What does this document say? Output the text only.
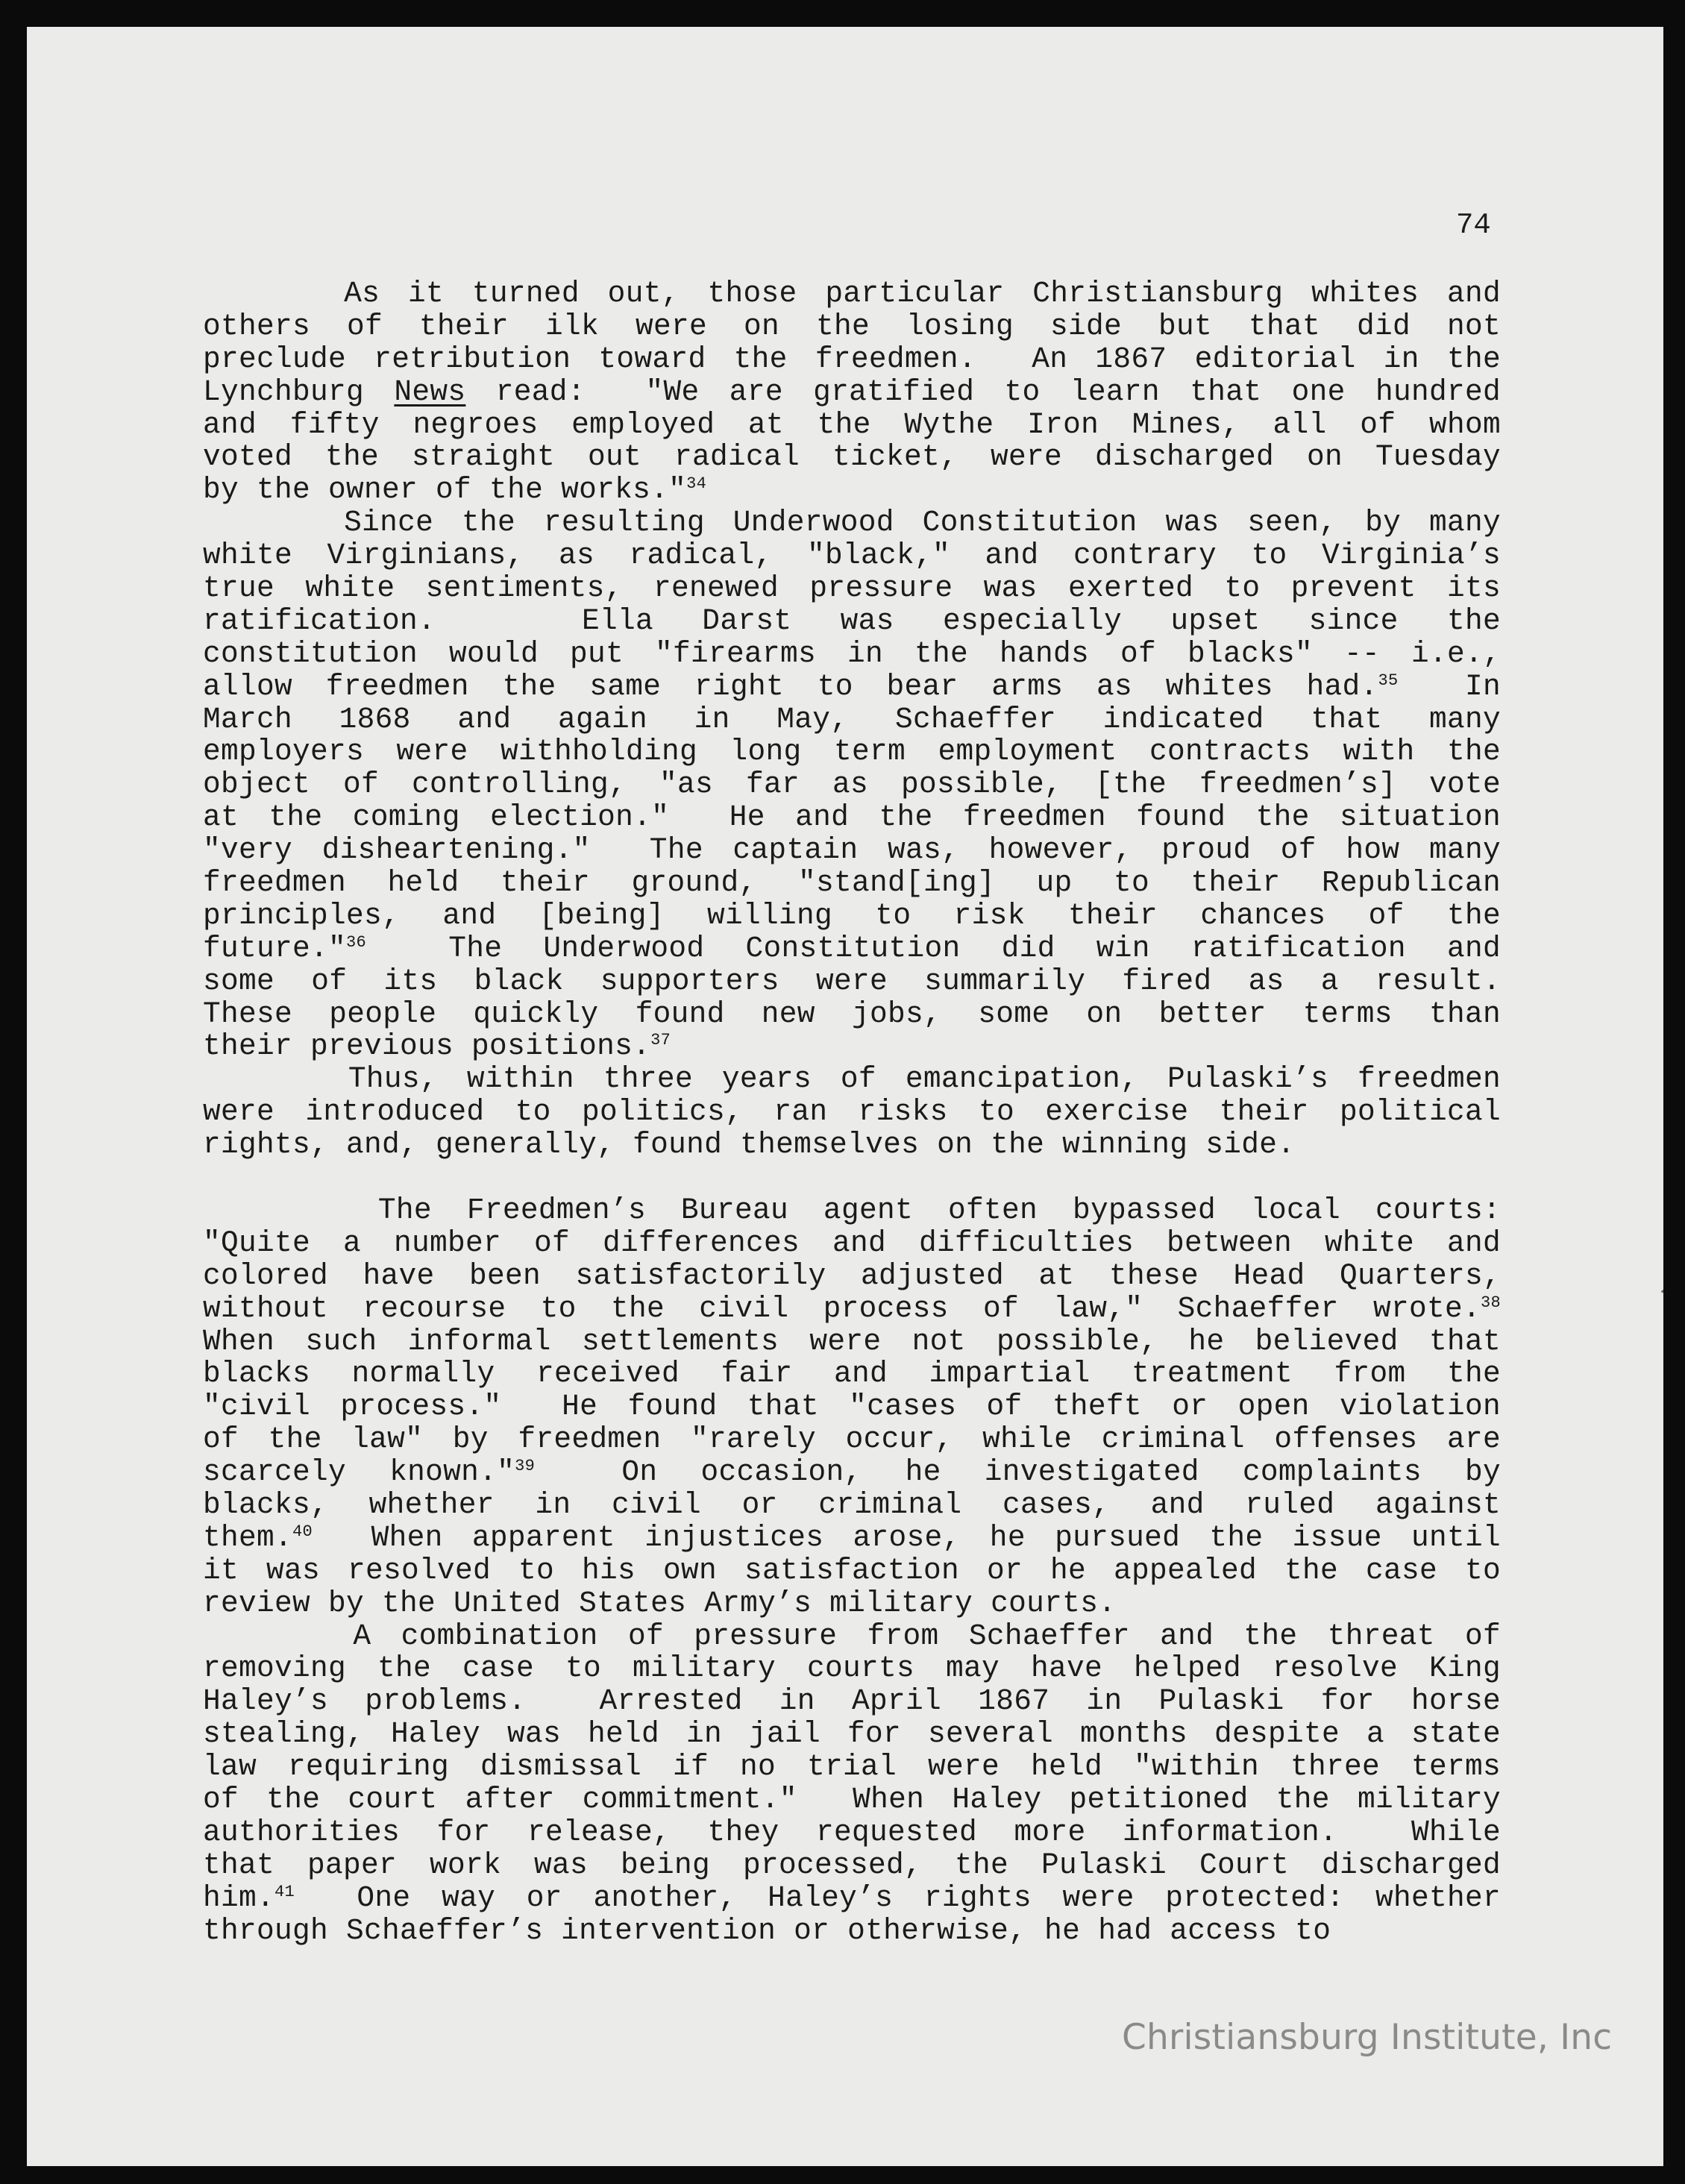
74
As it turned out, those particular Christiansburg whites and
others of their ilk were on the losing side but that did not
preclude retribution toward the freedmen.  An 1867 editorial in the
Lynchburg News read:  "We are gratified to learn that one hundred
and fifty negroes employed at the Wythe Iron Mines, all of whom
voted the straight out radical ticket, were discharged on Tuesday
by the owner of the works."$^{34}$
Since the resulting Underwood Constitution was seen, by many
white Virginians, as radical, "black," and contrary to Virginia’s
true white sentiments, renewed pressure was exerted to prevent its
ratification.   Ella Darst was especially upset since the
constitution would put "firearms in the hands of blacks" -- i.e.,
allow freedmen the same right to bear arms as whites had.$^{35}$  In
March 1868 and again in May, Schaeffer indicated that many
employers were withholding long term employment contracts with the
object of controlling, "as far as possible, [the freedmen’s] vote
at the coming election."  He and the freedmen found the situation
"very disheartening."  The captain was, however, proud of how many
freedmen held their ground, "stand[ing] up to their Republican
principles, and [being] willing to risk their chances of the
future."$^{36}$  The Underwood Constitution did win ratification and
some of its black supporters were summarily fired as a result.
These people quickly found new jobs, some on better terms than
their previous positions.$^{37}$
Thus, within three years of emancipation, Pulaski’s freedmen
were introduced to politics, ran risks to exercise their political
rights, and, generally, found themselves on the winning side.
The Freedmen’s Bureau agent often bypassed local courts:
"Quite a number of differences and difficulties between white and
colored have been satisfactorily adjusted at these Head Quarters,
without recourse to the civil process of law," Schaeffer wrote.$^{38}$
When such informal settlements were not possible, he believed that
blacks normally received fair and impartial treatment from the
"civil process."  He found that "cases of theft or open violation
of the law" by freedmen "rarely occur, while criminal offenses are
scarcely known."$^{39}$  On occasion, he investigated complaints by
blacks, whether in civil or criminal cases, and ruled against
them.$^{40}$  When apparent injustices arose, he pursued the issue until
it was resolved to his own satisfaction or he appealed the case to
review by the United States Army’s military courts.
A combination of pressure from Schaeffer and the threat of
removing the case to military courts may have helped resolve King
Haley’s problems.  Arrested in April 1867 in Pulaski for horse
stealing, Haley was held in jail for several months despite a state
law requiring dismissal if no trial were held "within three terms
of the court after commitment."  When Haley petitioned the military
authorities for release, they requested more information.  While
that paper work was being processed, the Pulaski Court discharged
him.$^{41}$  One way or another, Haley’s rights were protected: whether
through Schaeffer’s intervention or otherwise, he had access to
Christiansburg Institute, Inc
